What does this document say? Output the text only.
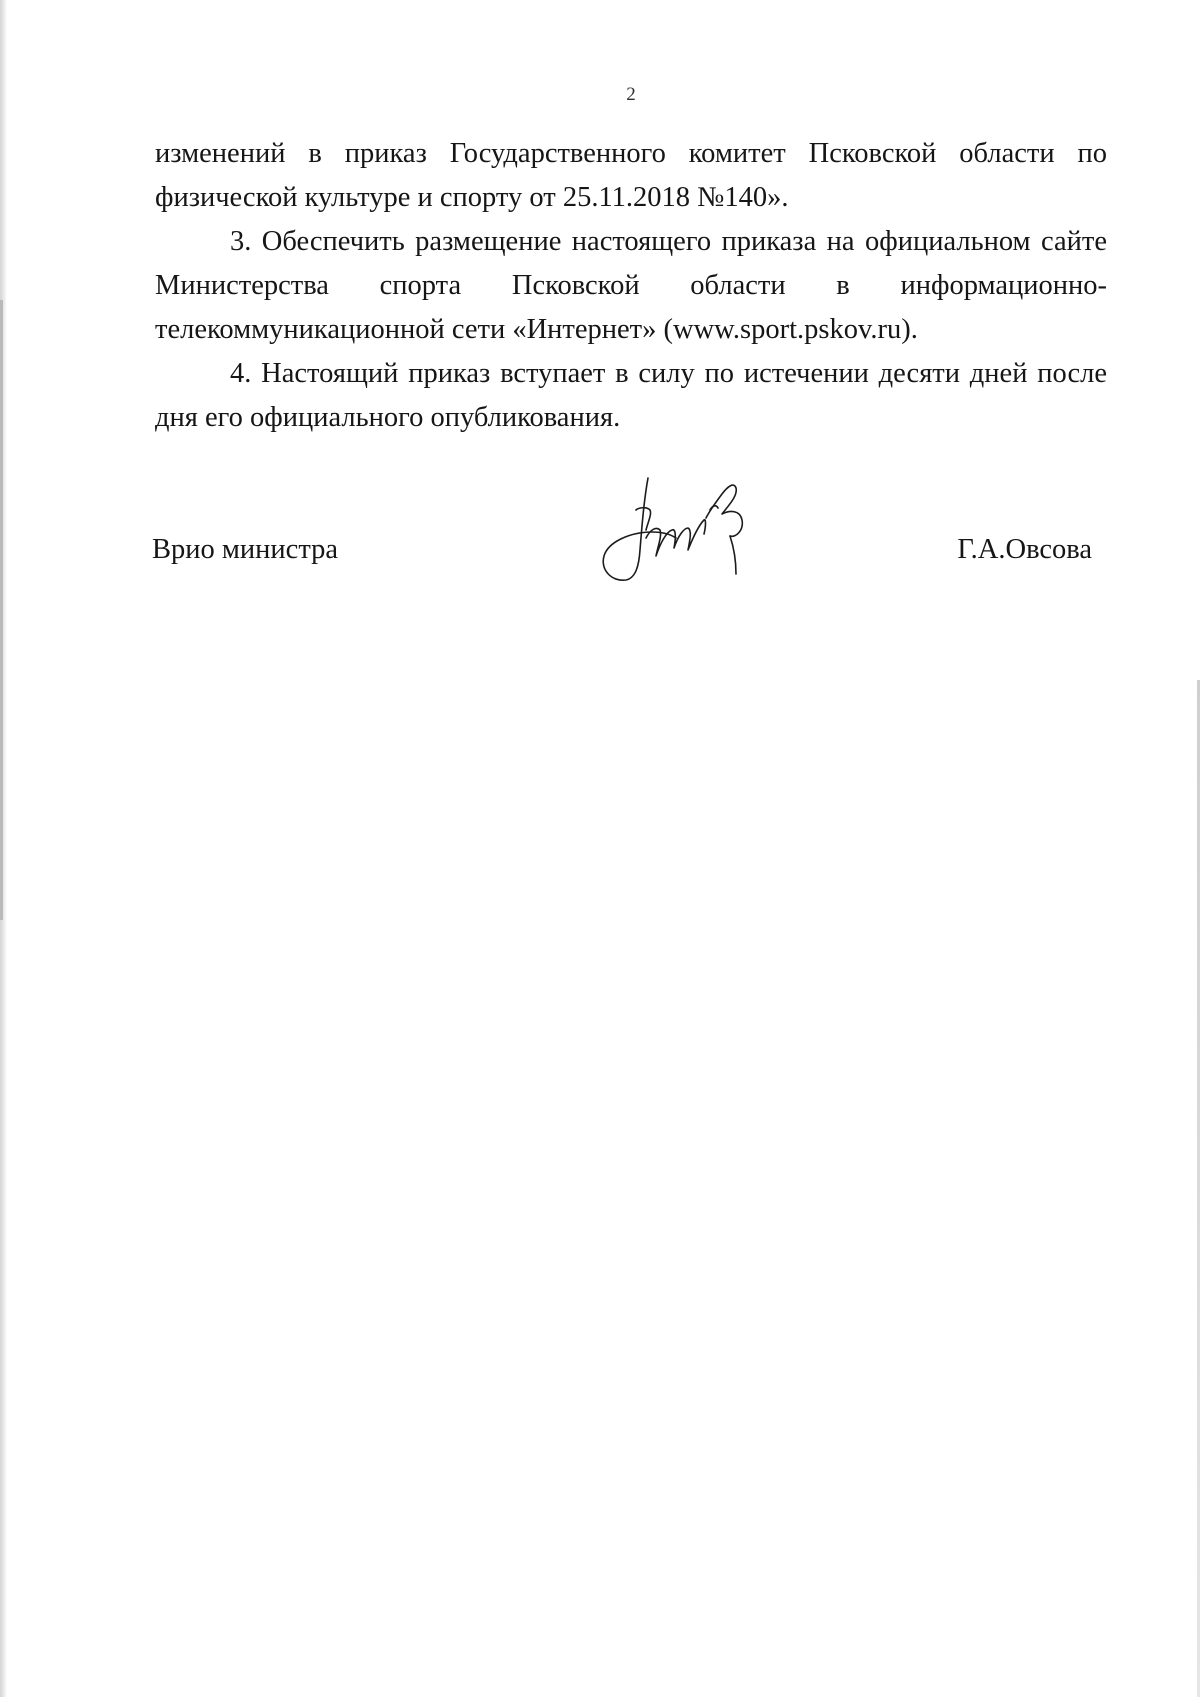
2

изменений в приказ Государственного комитет Псковской области по физической культуре и спорту от 25.11.2018 №140».

3. Обеспечить размещение настоящего приказа на официальном сайте Министерства спорта Псковской области в информационно-телекоммуникационной сети «Интернет» (www.sport.pskov.ru).

4. Настоящий приказ вступает в силу по истечении десяти дней после дня его официального опубликования.

Врио министра	Г.А.Овсова
